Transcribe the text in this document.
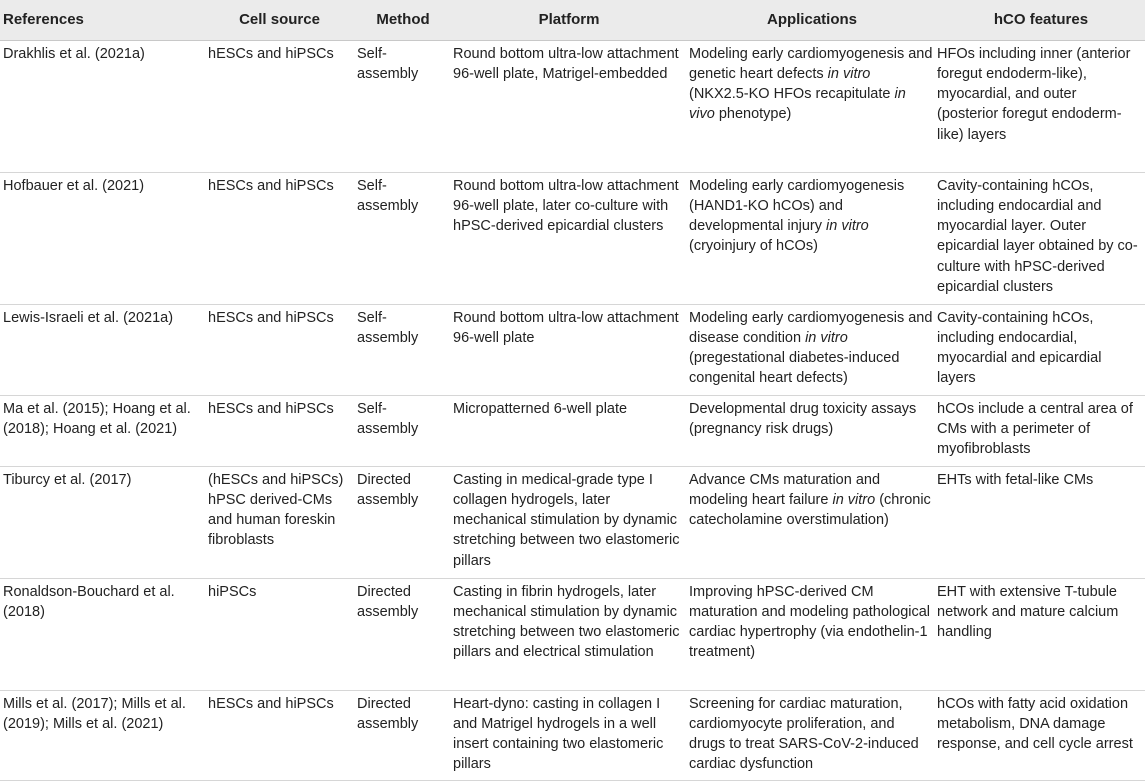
References	Cell source	Method	Platform	Applications	hCO features
Drakhlis et al. (2021a)	hESCs and hiPSCs	Self-assembly	Round bottom ultra-low attachment 96-well plate, Matrigel-embedded	Modeling early cardiomyogenesis and genetic heart defects in vitro (NKX2.5-KO HFOs recapitulate in vivo phenotype)	HFOs including inner (anterior foregut endoderm-like), myocardial, and outer (posterior foregut endoderm-like) layers
Hofbauer et al. (2021)	hESCs and hiPSCs	Self-assembly	Round bottom ultra-low attachment 96-well plate, later co-culture with hPSC-derived epicardial clusters	Modeling early cardiomyogenesis (HAND1-KO hCOs) and developmental injury in vitro (cryoinjury of hCOs)	Cavity-containing hCOs, including endocardial and myocardial layer. Outer epicardial layer obtained by co-culture with hPSC-derived epicardial clusters
Lewis-Israeli et al. (2021a)	hESCs and hiPSCs	Self-assembly	Round bottom ultra-low attachment 96-well plate	Modeling early cardiomyogenesis and disease condition in vitro (pregestational diabetes-induced congenital heart defects)	Cavity-containing hCOs, including endocardial, myocardial and epicardial layers
Ma et al. (2015); Hoang et al. (2018); Hoang et al. (2021)	hESCs and hiPSCs	Self-assembly	Micropatterned 6-well plate	Developmental drug toxicity assays (pregnancy risk drugs)	hCOs include a central area of CMs with a perimeter of myofibroblasts
Tiburcy et al. (2017)	(hESCs and hiPSCs) hPSC derived-CMs and human foreskin fibroblasts	Directed assembly	Casting in medical-grade type I collagen hydrogels, later mechanical stimulation by dynamic stretching between two elastomeric pillars	Advance CMs maturation and modeling heart failure in vitro (chronic catecholamine overstimulation)	EHTs with fetal-like CMs
Ronaldson-Bouchard et al. (2018)	hiPSCs	Directed assembly	Casting in fibrin hydrogels, later mechanical stimulation by dynamic stretching between two elastomeric pillars and electrical stimulation	Improving hPSC-derived CM maturation and modeling pathological cardiac hypertrophy (via endothelin-1 treatment)	EHT with extensive T-tubule network and mature calcium handling
Mills et al. (2017); Mills et al. (2019); Mills et al. (2021)	hESCs and hiPSCs	Directed assembly	Heart-dyno: casting in collagen I and Matrigel hydrogels in a well insert containing two elastomeric pillars	Screening for cardiac maturation, cardiomyocyte proliferation, and drugs to treat SARS-CoV-2-induced cardiac dysfunction	hCOs with fatty acid oxidation metabolism, DNA damage response, and cell cycle arrest
